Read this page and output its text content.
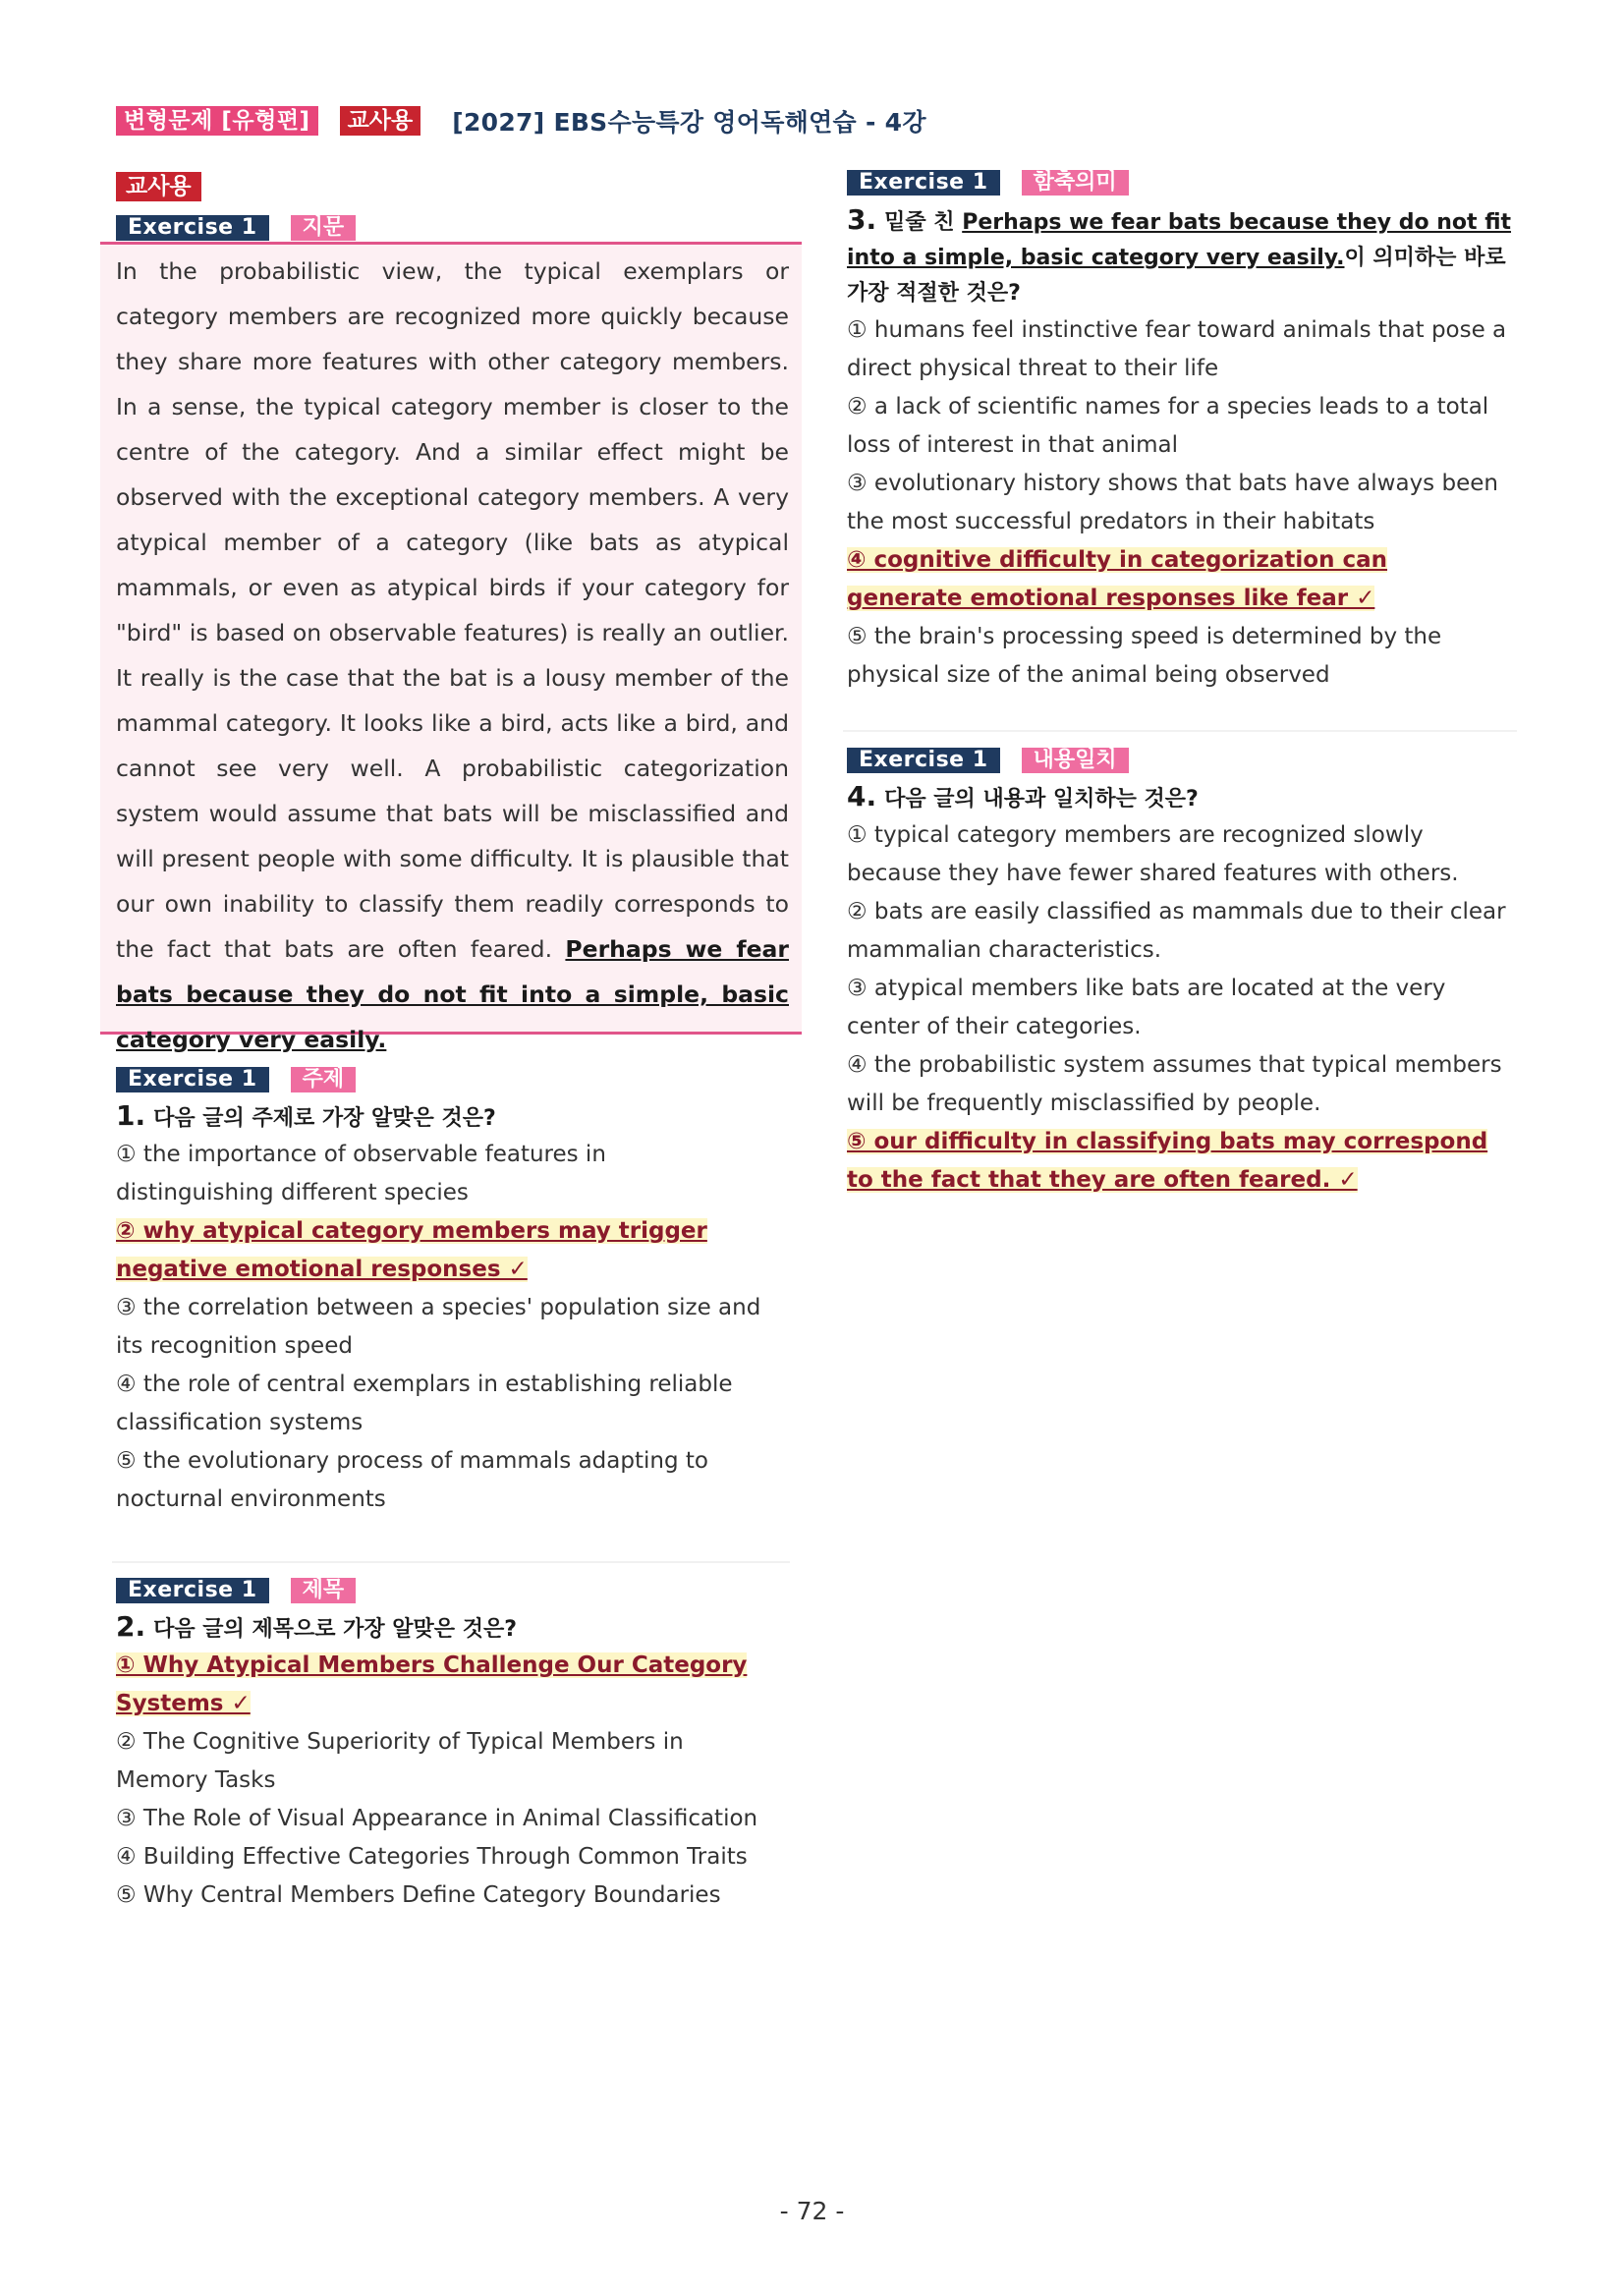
변형문제 [유형편]	교사용	[2027] EBS수능특강 영어독해연습 - 4강
교사용
Exercise 1	지문
In the probabilistic view, the typical exemplars or category members are recognized more quickly because they share more features with other category members. In a sense, the typical category member is closer to the centre of the category. And a similar effect might be observed with the exceptional category members. A very atypical member of a category (like bats as atypical mammals, or even as atypical birds if your category for "bird" is based on observable features) is really an outlier. It really is the case that the bat is a lousy member of the mammal category. It looks like a bird, acts like a bird, and cannot see very well. A probabilistic categorization system would assume that bats will be misclassified and will present people with some difficulty. It is plausible that our own inability to classify them readily corresponds to the fact that bats are often feared. Perhaps we fear bats because they do not fit into a simple, basic category very easily.
Exercise 1	주제
1. 다음 글의 주제로 가장 알맞은 것은?
① the importance of observable features in distinguishing different species
② why atypical category members may trigger negative emotional responses ✓
③ the correlation between a species' population size and its recognition speed
④ the role of central exemplars in establishing reliable classification systems
⑤ the evolutionary process of mammals adapting to nocturnal environments
Exercise 1	제목
2. 다음 글의 제목으로 가장 알맞은 것은?
① Why Atypical Members Challenge Our Category Systems ✓
② The Cognitive Superiority of Typical Members in Memory Tasks
③ The Role of Visual Appearance in Animal Classification
④ Building Effective Categories Through Common Traits
⑤ Why Central Members Define Category Boundaries
Exercise 1	함축의미
3. 밑줄 친 Perhaps we fear bats because they do not fit into a simple, basic category very easily.이 의미하는 바로 가장 적절한 것은?
① humans feel instinctive fear toward animals that pose a direct physical threat to their life
② a lack of scientific names for a species leads to a total loss of interest in that animal
③ evolutionary history shows that bats have always been the most successful predators in their habitats
④ cognitive difficulty in categorization can generate emotional responses like fear ✓
⑤ the brain's processing speed is determined by the physical size of the animal being observed
Exercise 1	내용일치
4. 다음 글의 내용과 일치하는 것은?
① typical category members are recognized slowly because they have fewer shared features with others.
② bats are easily classified as mammals due to their clear mammalian characteristics.
③ atypical members like bats are located at the very center of their categories.
④ the probabilistic system assumes that typical members will be frequently misclassified by people.
⑤ our difficulty in classifying bats may correspond to the fact that they are often feared. ✓
- 72 -
